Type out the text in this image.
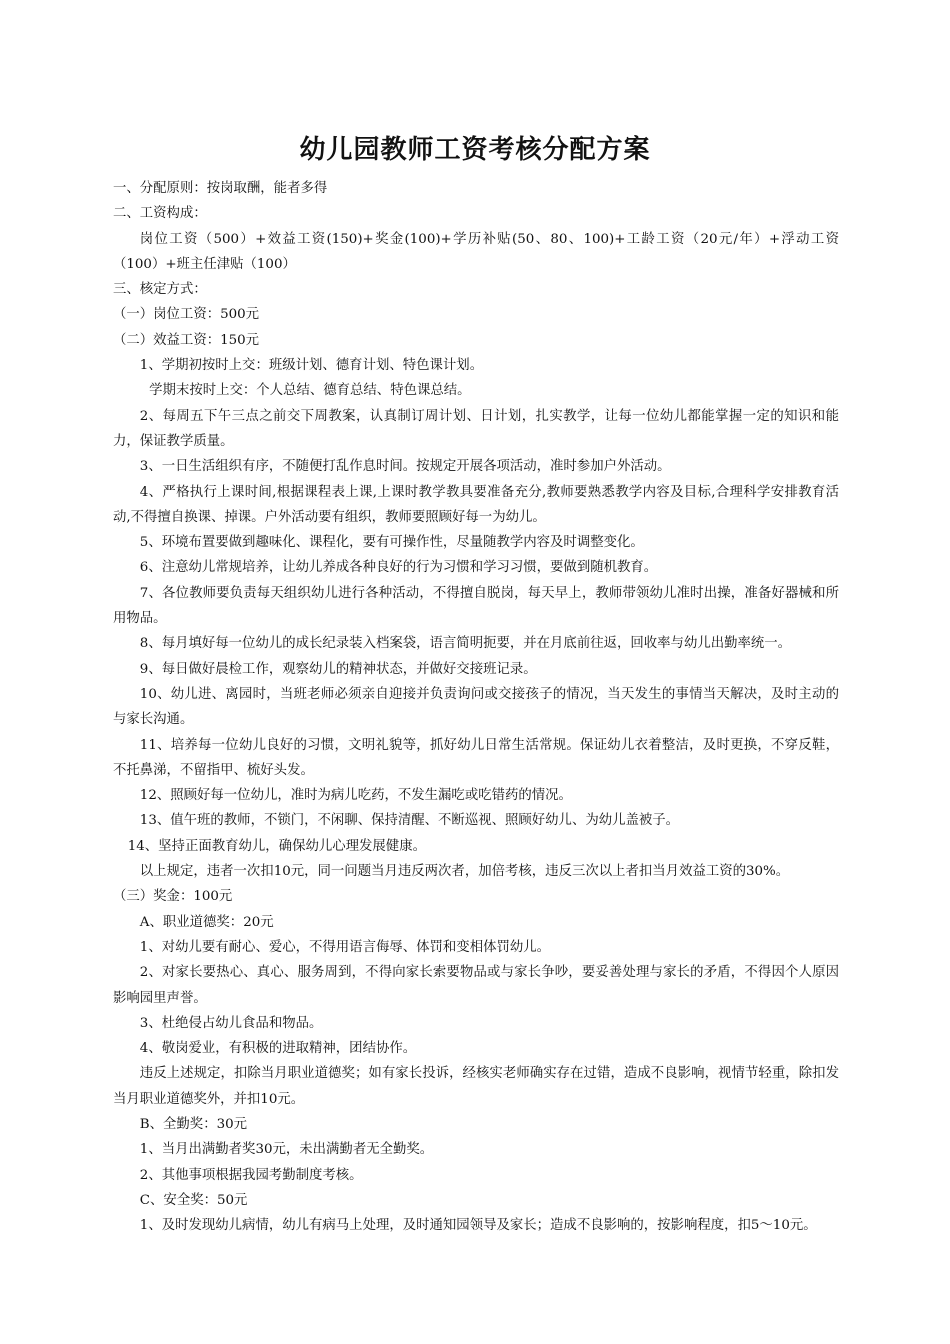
幼儿园教师工资考核分配方案

一、分配原则：按岗取酬，能者多得

二、工资构成：

岗位工资（500）+效益工资(150)+奖金(100)+学历补贴(50、80、100)+工龄工资（20元/年）+浮动工资（100）+班主任津贴（100）

三、核定方式：

（一）岗位工资：500元

（二）效益工资：150元

1、学期初按时上交：班级计划、德育计划、特色课计划。

学期末按时上交：个人总结、德育总结、特色课总结。

2、每周五下午三点之前交下周教案，认真制订周计划、日计划，扎实教学，让每一位幼儿都能掌握一定的知识和能力，保证教学质量。

3、一日生活组织有序，不随便打乱作息时间。按规定开展各项活动，准时参加户外活动。

4、严格执行上课时间,根据课程表上课,上课时教学教具要准备充分,教师要熟悉教学内容及目标,合理科学安排教育活动,不得擅自换课、掉课。户外活动要有组织，教师要照顾好每一为幼儿。

5、环境布置要做到趣味化、课程化，要有可操作性，尽量随教学内容及时调整变化。

6、注意幼儿常规培养，让幼儿养成各种良好的行为习惯和学习习惯，要做到随机教育。

7、各位教师要负责每天组织幼儿进行各种活动，不得擅自脱岗，每天早上，教师带领幼儿准时出操，准备好器械和所用物品。

8、每月填好每一位幼儿的成长纪录装入档案袋，语言简明扼要，并在月底前往返，回收率与幼儿出勤率统一。

9、每日做好晨检工作，观察幼儿的精神状态，并做好交接班记录。

10、幼儿进、离园时，当班老师必须亲自迎接并负责询问或交接孩子的情况，当天发生的事情当天解决，及时主动的与家长沟通。

11、培养每一位幼儿良好的习惯，文明礼貌等，抓好幼儿日常生活常规。保证幼儿衣着整洁，及时更换，不穿反鞋，不托鼻涕，不留指甲、梳好头发。

12、照顾好每一位幼儿，准时为病儿吃药，不发生漏吃或吃错药的情况。

13、值午班的教师，不锁门，不闲聊、保持清醒、不断巡视、照顾好幼儿、为幼儿盖被子。

14、坚持正面教育幼儿，确保幼儿心理发展健康。

以上规定，违者一次扣10元，同一问题当月违反两次者，加倍考核，违反三次以上者扣当月效益工资的30%。

（三）奖金：100元

A、职业道德奖：20元

1、对幼儿要有耐心、爱心，不得用语言侮辱、体罚和变相体罚幼儿。

2、对家长要热心、真心、服务周到，不得向家长索要物品或与家长争吵，要妥善处理与家长的矛盾，不得因个人原因影响园里声誉。

3、杜绝侵占幼儿食品和物品。

4、敬岗爱业，有积极的进取精神，团结协作。

违反上述规定，扣除当月职业道德奖；如有家长投诉，经核实老师确实存在过错，造成不良影响，视情节轻重，除扣发当月职业道德奖外，并扣10元。

B、全勤奖：30元

1、当月出满勤者奖30元，未出满勤者无全勤奖。

2、其他事项根据我园考勤制度考核。

C、安全奖：50元

1、及时发现幼儿病情，幼儿有病马上处理，及时通知园领导及家长；造成不良影响的，按影响程度，扣5～10元。
